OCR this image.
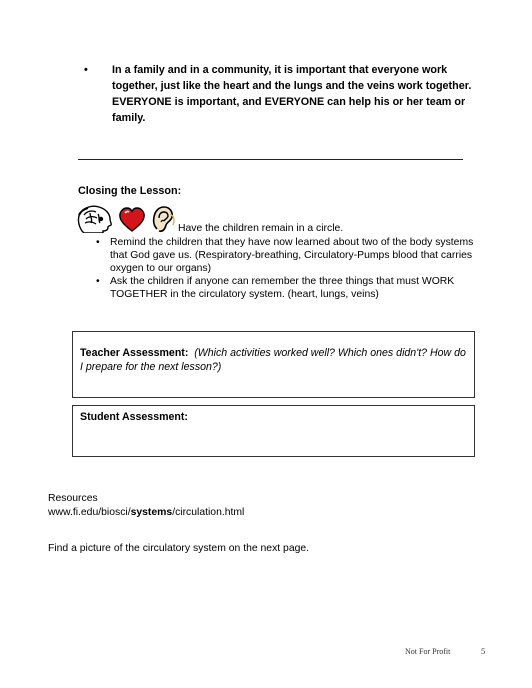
•	In a family and in a community, it is important that everyone work together, just like the heart and the lungs and the veins work together. EVERYONE is important, and EVERYONE can help his or her team or family.
Closing the Lesson:
Have the children remain in a circle.
• Remind the children that they have now learned about two of the body systems that God gave us. (Respiratory-breathing, Circulatory-Pumps blood that carries oxygen to our organs)
• Ask the children if anyone can remember the three things that must WORK TOGETHER in the circulatory system. (heart, lungs, veins)
Teacher Assessment: (Which activities worked well? Which ones didn't? How do I prepare for the next lesson?)
Student Assessment:
Resources
www.fi.edu/biosci/systems/circulation.html
Find a picture of the circulatory system on the next page.
Not For Profit	5
